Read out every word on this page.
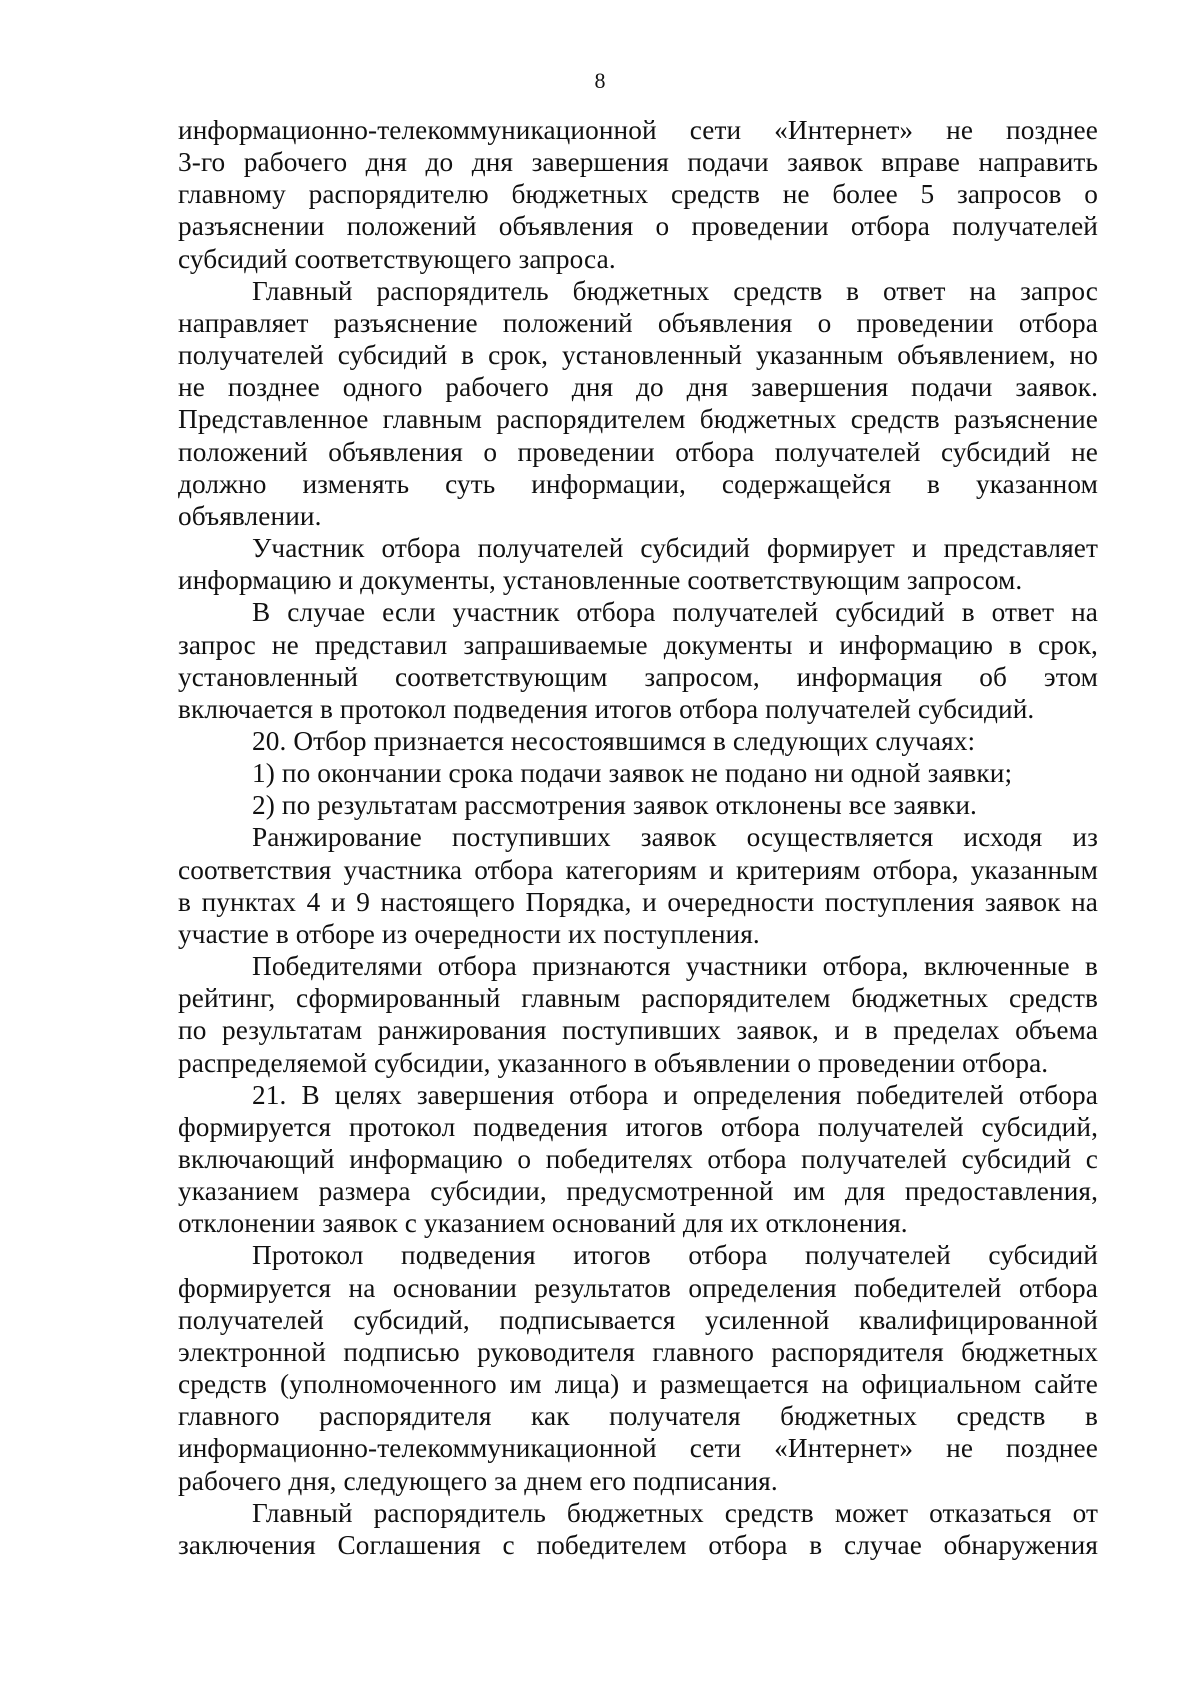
8
информационно-телекоммуникационной сети «Интернет» не позднее
3-го рабочего дня до дня завершения подачи заявок вправе направить
главному распорядителю бюджетных средств не более 5 запросов о
разъяснении положений объявления о проведении отбора получателей
субсидий соответствующего запроса.
Главный распорядитель бюджетных средств в ответ на запрос
направляет разъяснение положений объявления о проведении отбора
получателей субсидий в срок, установленный указанным объявлением, но
не позднее одного рабочего дня до дня завершения подачи заявок.
Представленное главным распорядителем бюджетных средств разъяснение
положений объявления о проведении отбора получателей субсидий не
должно изменять суть информации, содержащейся в указанном
объявлении.
Участник отбора получателей субсидий формирует и представляет
информацию и документы, установленные соответствующим запросом.
В случае если участник отбора получателей субсидий в ответ на
запрос не представил запрашиваемые документы и информацию в срок,
установленный соответствующим запросом, информация об этом
включается в протокол подведения итогов отбора получателей субсидий.
20. Отбор признается несостоявшимся в следующих случаях:
1) по окончании срока подачи заявок не подано ни одной заявки;
2) по результатам рассмотрения заявок отклонены все заявки.
Ранжирование поступивших заявок осуществляется исходя из
соответствия участника отбора категориям и критериям отбора, указанным
в пунктах 4 и 9 настоящего Порядка, и очередности поступления заявок на
участие в отборе из очередности их поступления.
Победителями отбора признаются участники отбора, включенные в
рейтинг, сформированный главным распорядителем бюджетных средств
по результатам ранжирования поступивших заявок, и в пределах объема
распределяемой субсидии, указанного в объявлении о проведении отбора.
21. В целях завершения отбора и определения победителей отбора
формируется протокол подведения итогов отбора получателей субсидий,
включающий информацию о победителях отбора получателей субсидий с
указанием размера субсидии, предусмотренной им для предоставления,
отклонении заявок с указанием оснований для их отклонения.
Протокол подведения итогов отбора получателей субсидий
формируется на основании результатов определения победителей отбора
получателей субсидий, подписывается усиленной квалифицированной
электронной подписью руководителя главного распорядителя бюджетных
средств (уполномоченного им лица) и размещается на официальном сайте
главного распорядителя как получателя бюджетных средств в
информационно-телекоммуникационной сети «Интернет» не позднее
рабочего дня, следующего за днем его подписания.
Главный распорядитель бюджетных средств может отказаться от
заключения Соглашения с победителем отбора в случае обнаружения
